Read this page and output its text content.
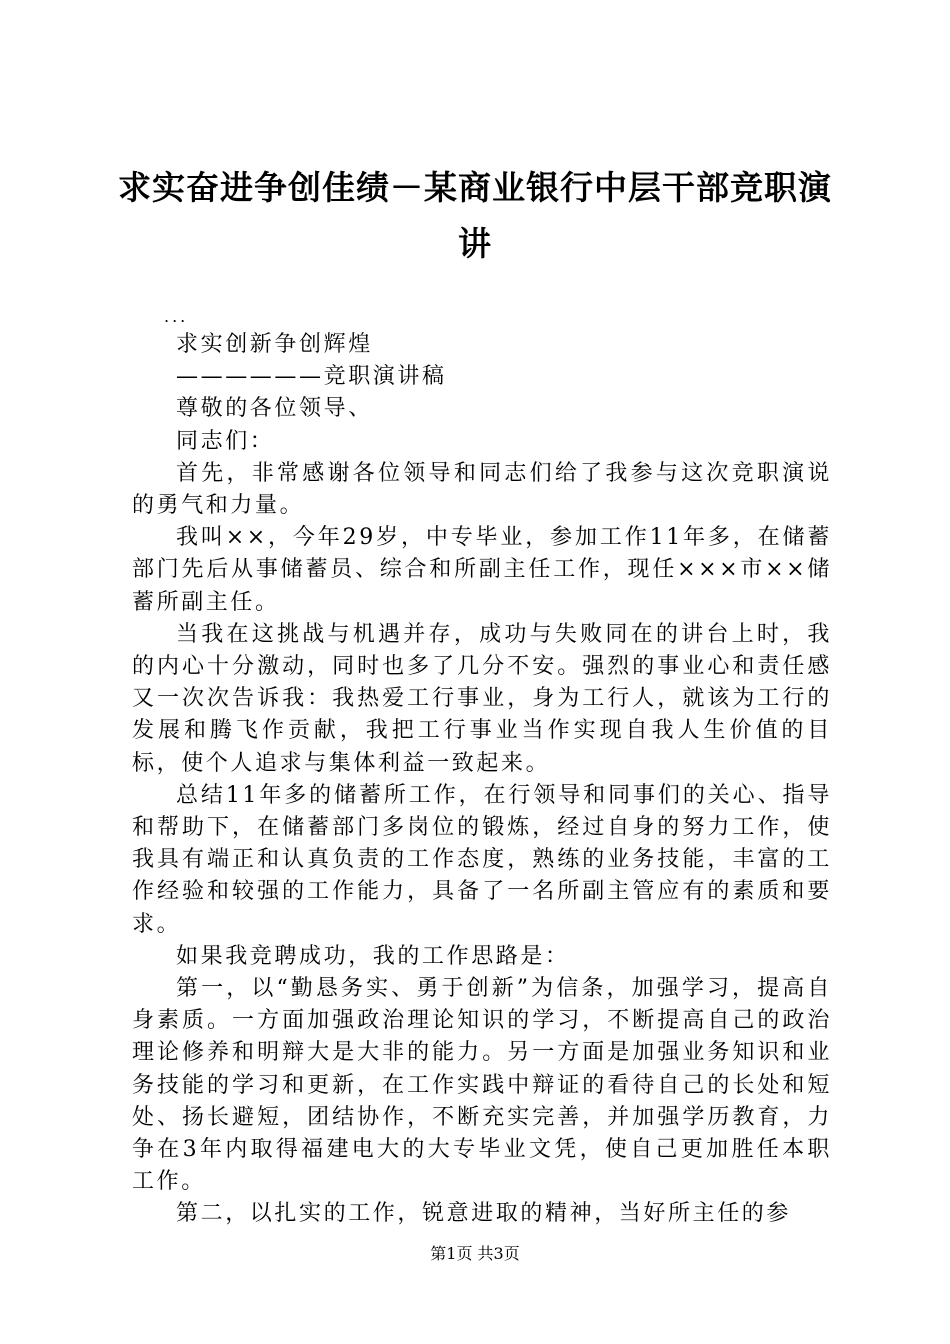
求实奋进争创佳绩－某商业银行中层干部竞职演讲

...

求实创新争创辉煌

——————竞职演讲稿

尊敬的各位领导、

同志们：

首先，非常感谢各位领导和同志们给了我参与这次竞职演说的勇气和力量。

我叫××，今年29岁，中专毕业，参加工作11年多，在储蓄部门先后从事储蓄员、综合和所副主任工作，现任×××市××储蓄所副主任。

当我在这挑战与机遇并存，成功与失败同在的讲台上时，我的内心十分激动，同时也多了几分不安。强烈的事业心和责任感又一次次告诉我：我热爱工行事业，身为工行人，就该为工行的发展和腾飞作贡献，我把工行事业当作实现自我人生价值的目标，使个人追求与集体利益一致起来。

总结11年多的储蓄所工作，在行领导和同事们的关心、指导和帮助下，在储蓄部门多岗位的锻炼，经过自身的努力工作，使我具有端正和认真负责的工作态度，熟练的业务技能，丰富的工作经验和较强的工作能力，具备了一名所副主管应有的素质和要求。

如果我竞聘成功，我的工作思路是：

第一，以“勤恳务实、勇于创新”为信条，加强学习，提高自身素质。一方面加强政治理论知识的学习，不断提高自己的政治理论修养和明辩大是大非的能力。另一方面是加强业务知识和业务技能的学习和更新，在工作实践中辩证的看待自己的长处和短处、扬长避短，团结协作，不断充实完善，并加强学历教育，力争在3年内取得福建电大的大专毕业文凭，使自己更加胜任本职工作。

第二，以扎实的工作，锐意进取的精神，当好所主任的参

第1页 共3页
